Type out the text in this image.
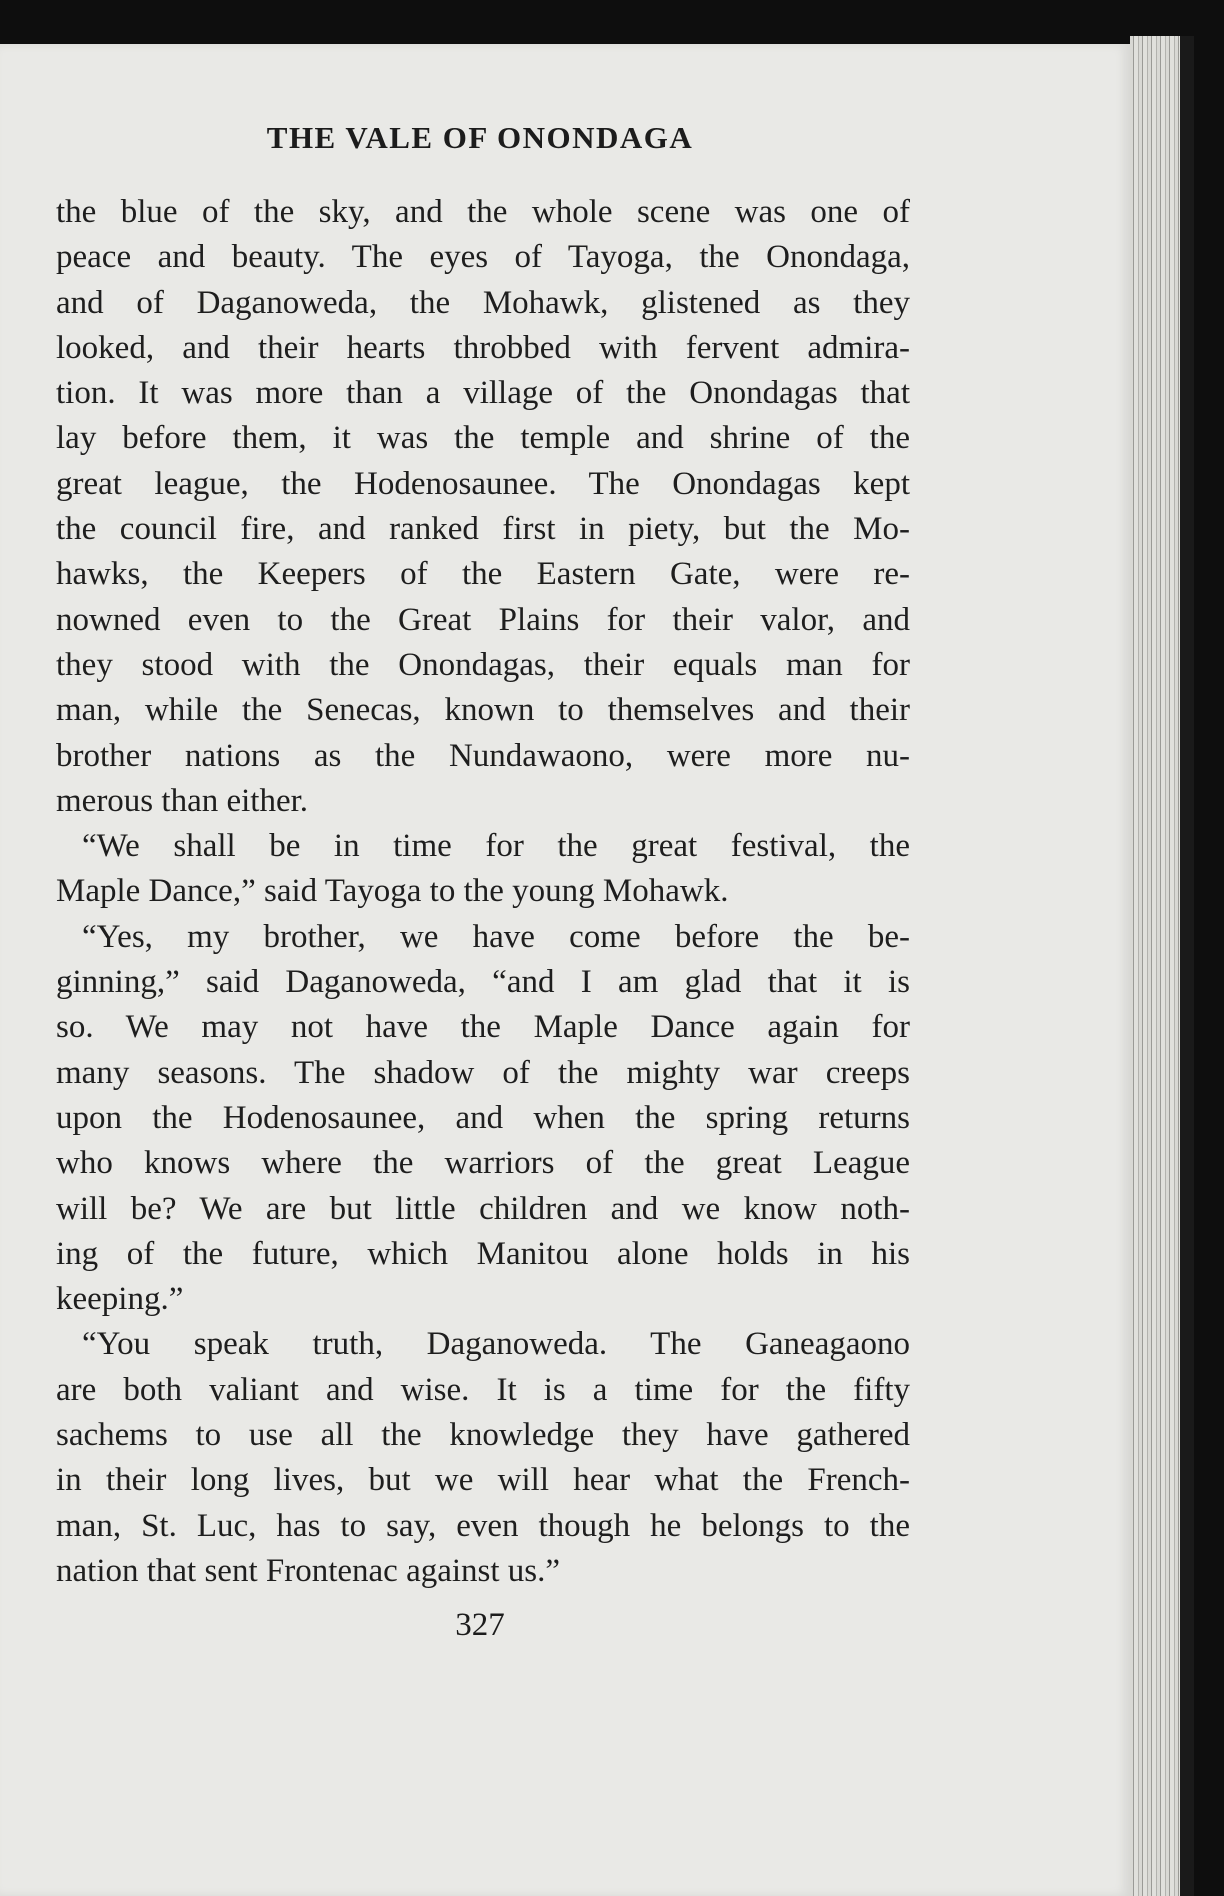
THE VALE OF ONONDAGA
the blue of the sky, and the whole scene was one of
peace and beauty. The eyes of Tayoga, the Onondaga,
and of Daganoweda, the Mohawk, glistened as they
looked, and their hearts throbbed with fervent admira-
tion. It was more than a village of the Onondagas that
lay before them, it was the temple and shrine of the
great league, the Hodenosaunee. The Onondagas kept
the council fire, and ranked first in piety, but the Mo-
hawks, the Keepers of the Eastern Gate, were re-
nowned even to the Great Plains for their valor, and
they stood with the Onondagas, their equals man for
man, while the Senecas, known to themselves and their
brother nations as the Nundawaono, were more nu-
merous than either.
“We shall be in time for the great festival, the
Maple Dance,” said Tayoga to the young Mohawk.
“Yes, my brother, we have come before the be-
ginning,” said Daganoweda, “and I am glad that it is
so. We may not have the Maple Dance again for
many seasons. The shadow of the mighty war creeps
upon the Hodenosaunee, and when the spring returns
who knows where the warriors of the great League
will be? We are but little children and we know noth-
ing of the future, which Manitou alone holds in his
keeping.”
“You speak truth, Daganoweda. The Ganeagaono
are both valiant and wise. It is a time for the fifty
sachems to use all the knowledge they have gathered
in their long lives, but we will hear what the French-
man, St. Luc, has to say, even though he belongs to the
nation that sent Frontenac against us.”
327
